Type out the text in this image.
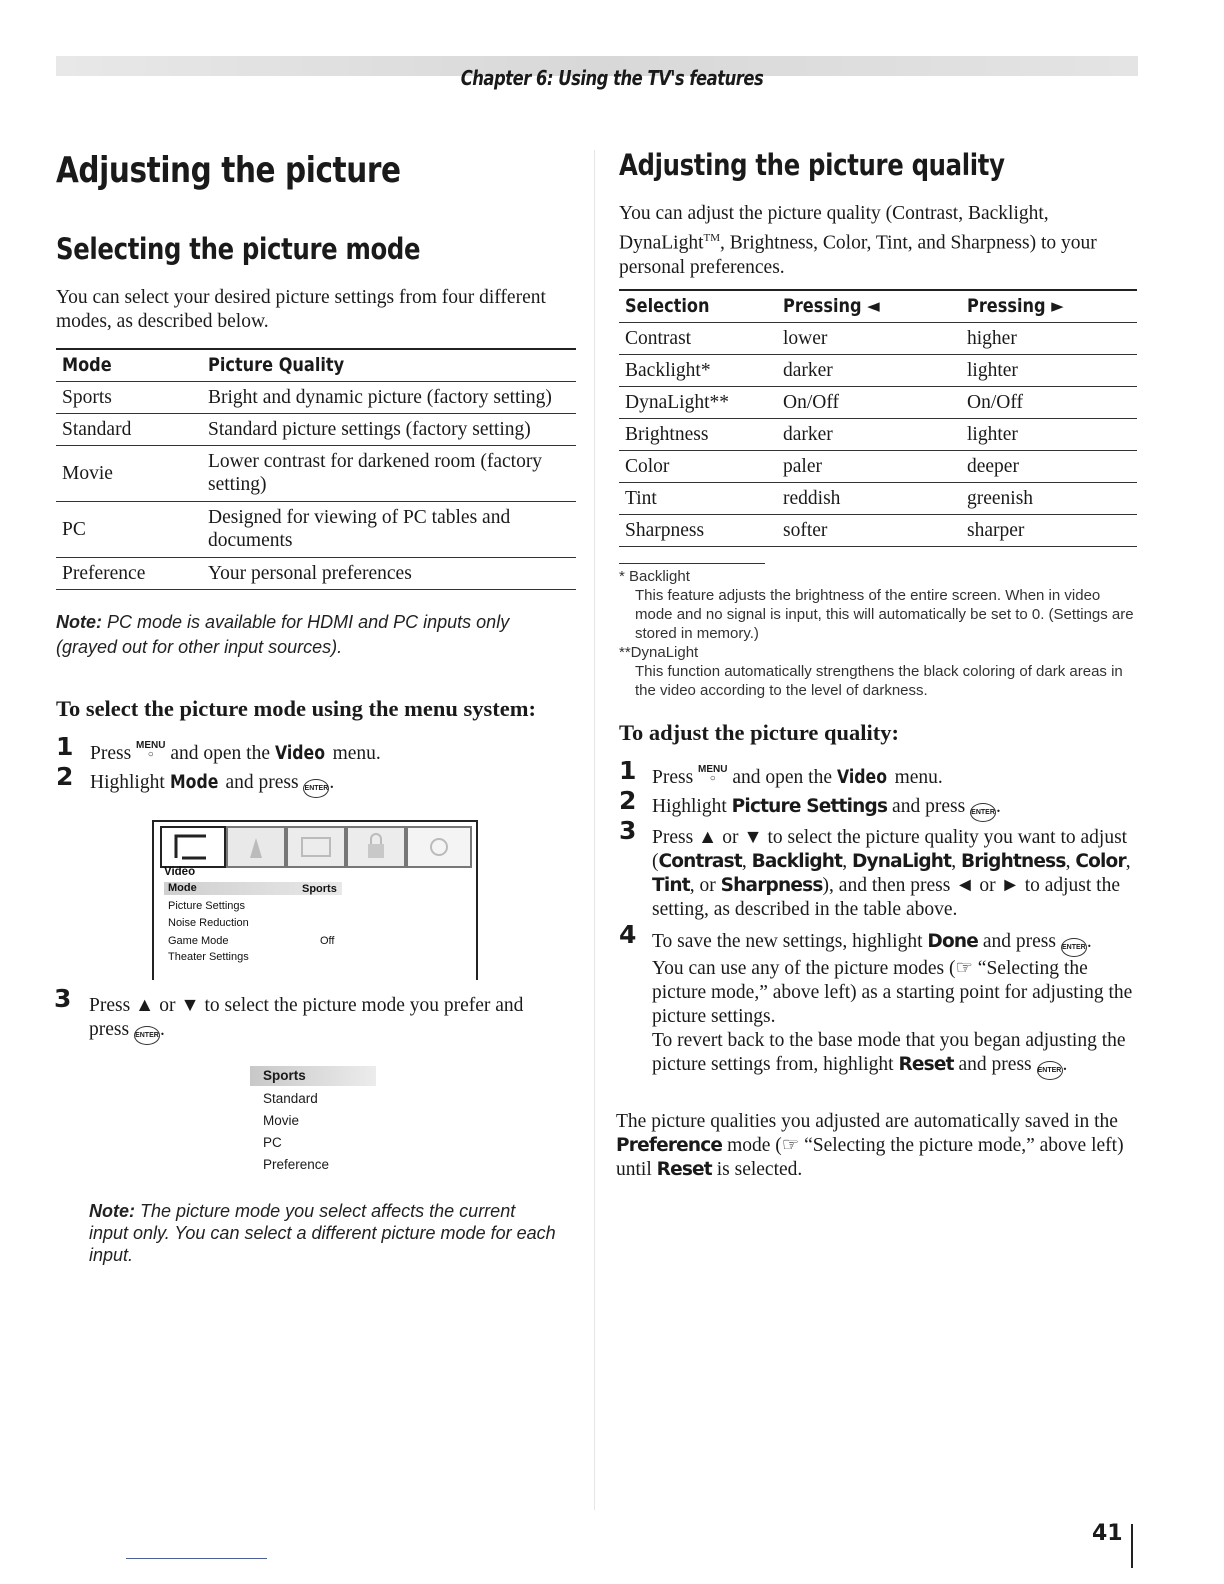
Chapter 6: Using the TV's features
Adjusting the picture
Selecting the picture mode
You can select your desired picture settings from four different modes, as described below.
Mode	Picture Quality
Sports	Bright and dynamic picture (factory setting)
Standard	Standard picture settings (factory setting)
Movie	Lower contrast for darkened room (factory setting)
PC	Designed for viewing of PC tables and documents
Preference	Your personal preferences
Note: PC mode is available for HDMI and PC inputs only (grayed out for other input sources).
To select the picture mode using the menu system:
1 Press MENU
○ and open the Video menu.
2 Highlight Mode and press ENTER.
Video
Mode	Sports
Picture Settings
Noise Reduction
Game Mode	Off
Theater Settings
3 Press ▲ or ▼ to select the picture mode you prefer and press ENTER.
Sports
Standard
Movie
PC
Preference
Note: The picture mode you select affects the current input only. You can select a different picture mode for each input.
Adjusting the picture quality
You can adjust the picture quality (Contrast, Backlight, DynaLight™, Brightness, Color, Tint, and Sharpness) to your personal preferences.
Selection	Pressing ◄	Pressing ►
Contrast	lower	higher
Backlight*	darker	lighter
DynaLight**	On/Off	On/Off
Brightness	darker	lighter
Color	paler	deeper
Tint	reddish	greenish
Sharpness	softer	sharper
* Backlight
This feature adjusts the brightness of the entire screen. When in video mode and no signal is input, this will automatically be set to 0. (Settings are stored in memory.)
**DynaLight
This function automatically strengthens the black coloring of dark areas in the video according to the level of darkness.
To adjust the picture quality:
1 Press MENU
○ and open the Video menu.
2 Highlight Picture Settings and press ENTER.
3 Press ▲ or ▼ to select the picture quality you want to adjust (Contrast, Backlight, DynaLight, Brightness, Color, Tint, or Sharpness), and then press ◄ or ► to adjust the setting, as described in the table above.
4 To save the new settings, highlight Done and press ENTER.
You can use any of the picture modes (☞ “Selecting the picture mode,” above left) as a starting point for adjusting the picture settings.
To revert back to the base mode that you began adjusting the picture settings from, highlight Reset and press ENTER.
The picture qualities you adjusted are automatically saved in the Preference mode (☞ “Selecting the picture mode,” above left) until Reset is selected.
41
